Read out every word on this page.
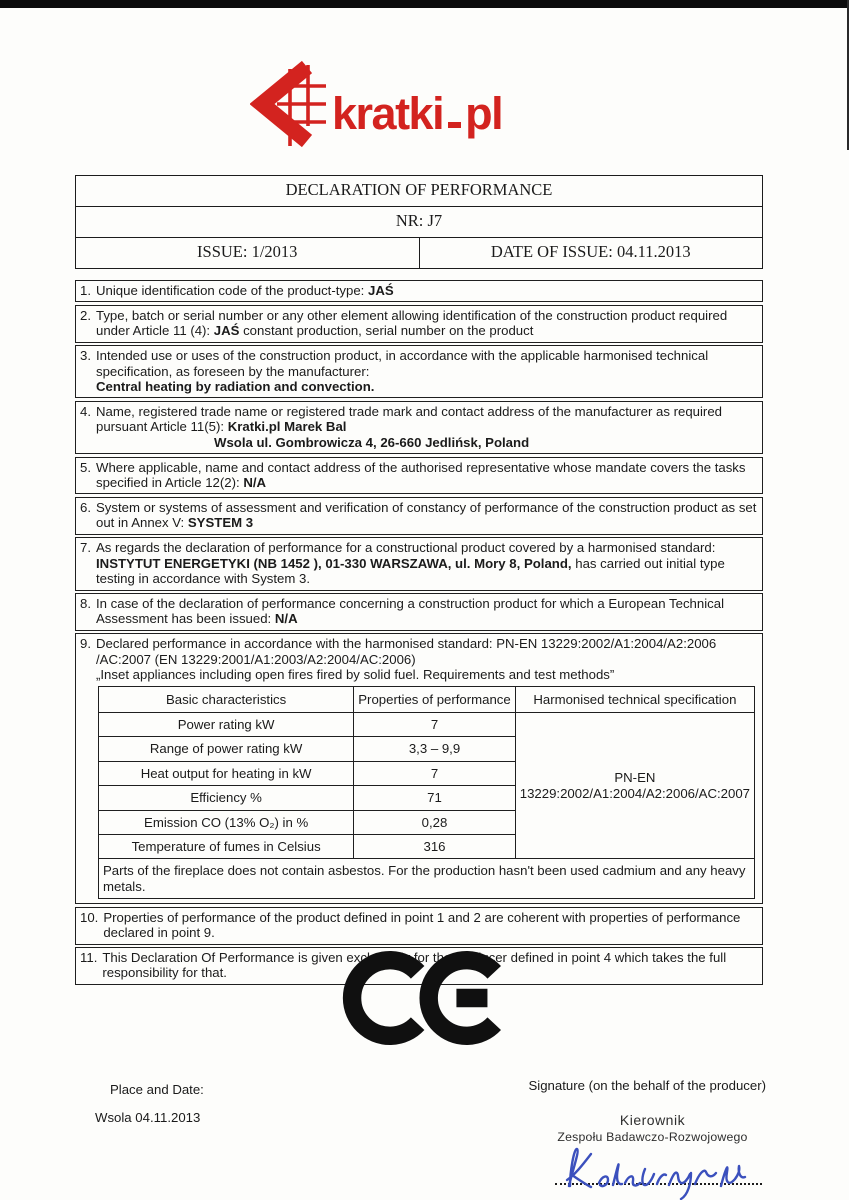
kratki pl
DECLARATION OF PERFORMANCE
NR: J7
ISSUE: 1/2013	DATE OF ISSUE: 04.11.2013
1. Unique identification code of the product-type: JAŚ
2. Type, batch or serial number or any other element allowing identification of the construction product required under Article 11 (4): JAŚ constant production, serial number on the product
3. Intended use or uses of the construction product, in accordance with the applicable harmonised technical specification, as foreseen by the manufacturer:
Central heating by radiation and convection.
4. Name, registered trade name or registered trade mark and contact address of the manufacturer as required pursuant Article 11(5): Kratki.pl Marek Bal
Wsola ul. Gombrowicza 4, 26-660 Jedlińsk, Poland
5. Where applicable, name and contact address of the authorised representative whose mandate covers the tasks specified in Article 12(2): N/A
6. System or systems of assessment and verification of constancy of performance of the construction product as set out in Annex V: SYSTEM 3
7. As regards the declaration of performance for a constructional product covered by a harmonised standard:
INSTYTUT ENERGETYKI (NB 1452 ), 01-330 WARSZAWA, ul. Mory 8, Poland, has carried out initial type testing in accordance with System 3.
8. In case of the declaration of performance concerning a construction product for which a European Technical Assessment has been issued: N/A
9. Declared performance in accordance with the harmonised standard: PN-EN 13229:2002/A1:2004/A2:2006 /AC:2007 (EN 13229:2001/A1:2003/A2:2004/AC:2006)
„Inset appliances including open fires fired by solid fuel. Requirements and test methods”
Basic characteristics	Properties of performance	Harmonised technical specification
Power rating kW	7	PN-EN
13229:2002/A1:2004/A2:2006/AC:2007

Range of power rating kW	3,3 – 9,9	
Heat output for heating in kW	7	
Efficiency %	71	
Emission CO (13% O₂) in %	0,28	
Temperature of fumes in Celsius	316	
Parts of the fireplace does not contain asbestos. For the production hasn't been used cadmium and any heavy metals.		
10. Properties of performance of the product defined in point 1 and 2 are coherent with properties of performance declared in point 9.
11. This Declaration Of Performance is given exclusively for the producer defined in point 4 which takes the full responsibility for that.
Place and Date:
Wsola 04.11.2013
Signature (on the behalf of the producer)
Kierownik
Zespołu Badawczo-Rozwojowego
